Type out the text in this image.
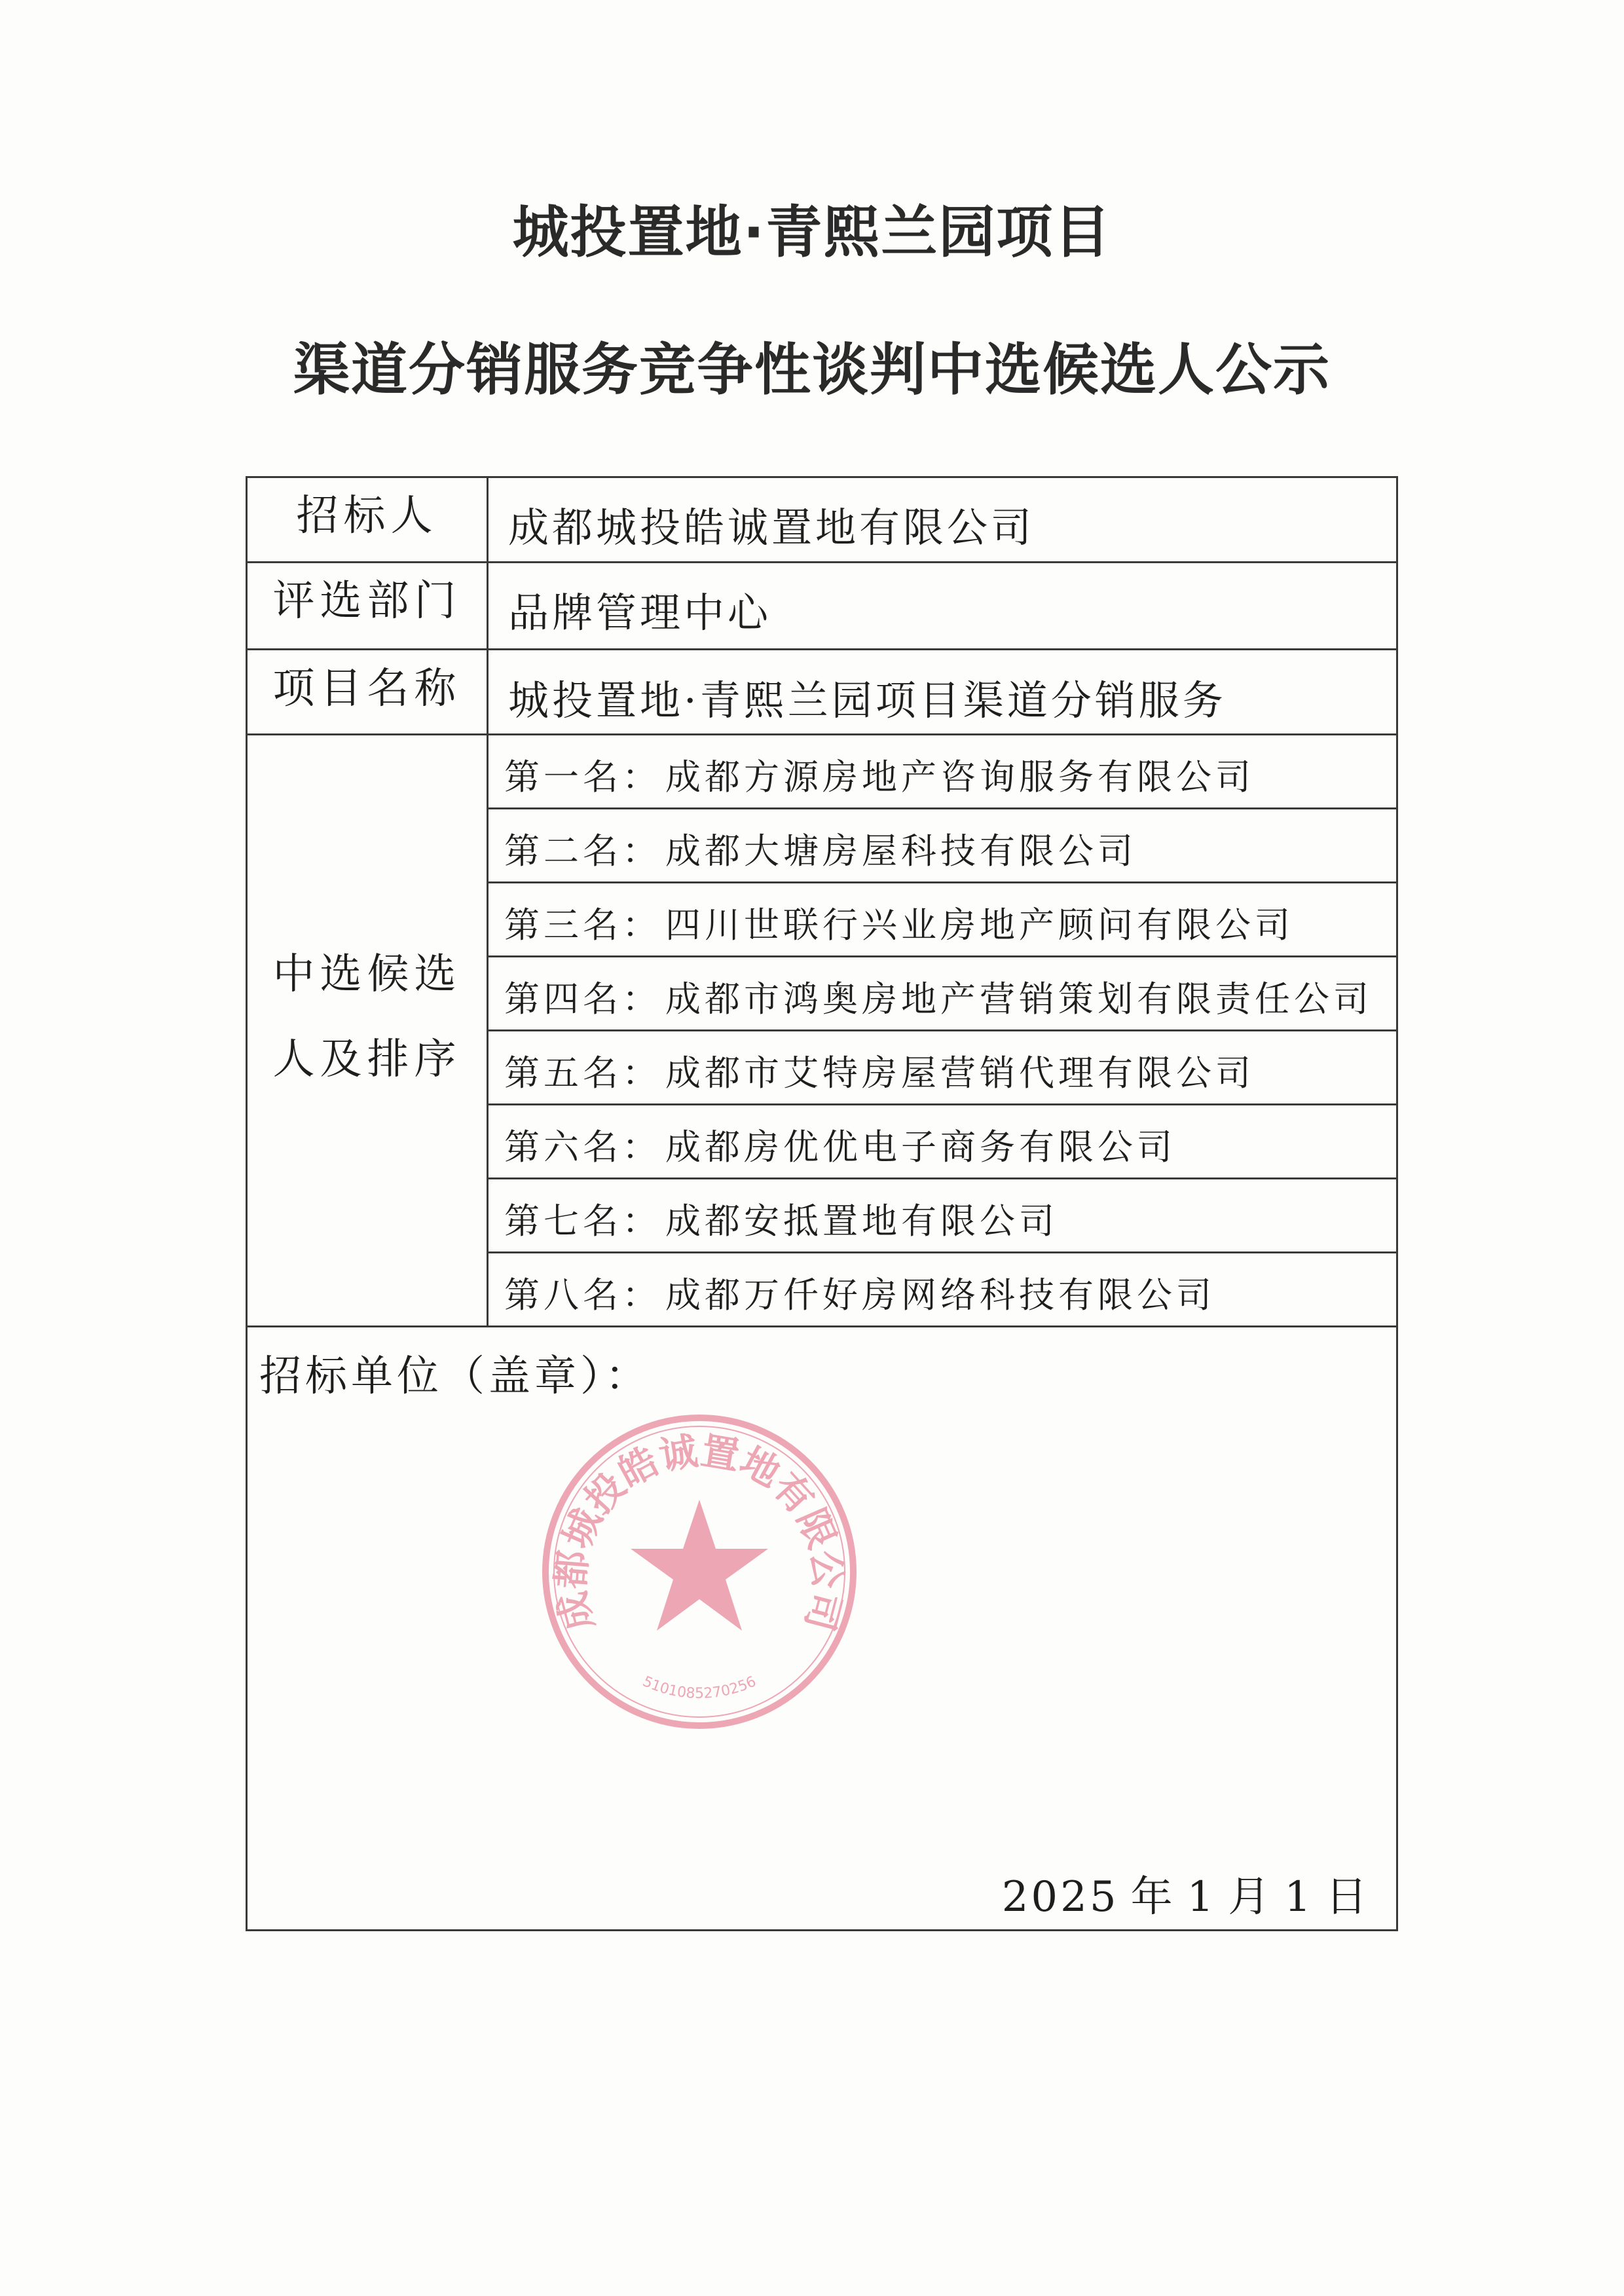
城投置地·青熙兰园项目
渠道分销服务竞争性谈判中选候选人公示
招标人	成都城投皓诚置地有限公司
评选部门	品牌管理中心
项目名称	城投置地·青熙兰园项目渠道分销服务
中选候选
人及排序
第一名： 成都方源房地产咨询服务有限公司
第二名： 成都大塘房屋科技有限公司
第三名： 四川世联行兴业房地产顾问有限公司
第四名： 成都市鸿奥房地产营销策划有限责任公司
第五名： 成都市艾特房屋营销代理有限公司
第六名： 成都房优优电子商务有限公司
第七名： 成都安抵置地有限公司
第八名： 成都万仟好房网络科技有限公司
招标单位（盖章）：
成都城投皓诚置地有限公司
5101085270256
2025 年 1 月 1 日
